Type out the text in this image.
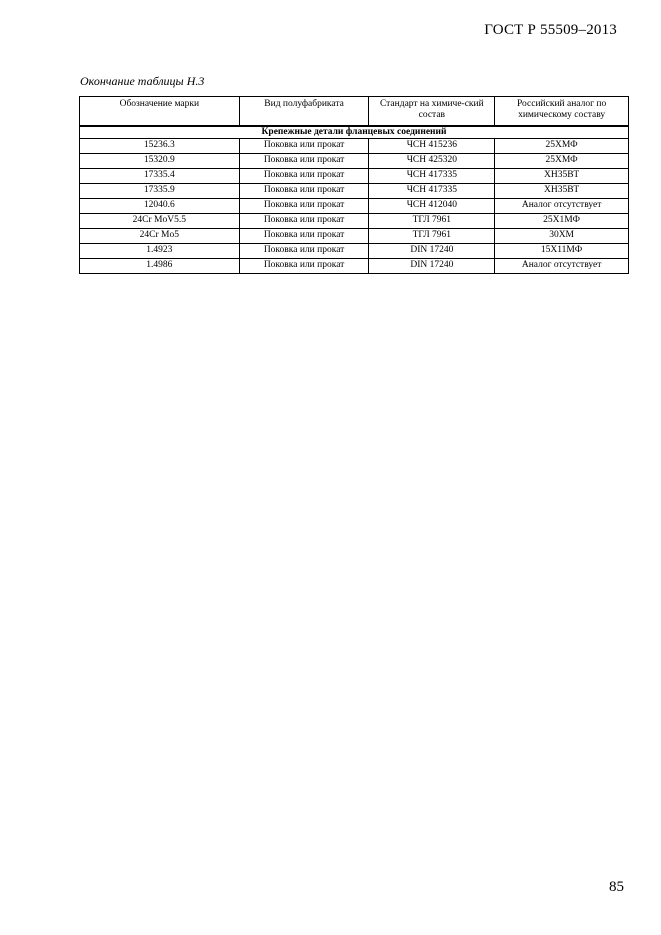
ГОСТ Р 55509–2013
Окончание таблицы Н.3
Обозначение марки	Вид полуфабриката	Стандарт на химиче-ский состав	Российский аналог по химическому составу
Крепежные детали фланцевых соединений			
15236.3	Поковка или прокат	ЧСН 415236	25ХМФ
15320.9	Поковка или прокат	ЧСН 425320	25ХМФ
17335.4	Поковка или прокат	ЧСН 417335	ХН35ВТ
17335.9	Поковка или прокат	ЧСН 417335	ХН35ВТ
12040.6	Поковка или прокат	ЧСН 412040	Аналог отсутствует
24Cr MoV5.5	Поковка или прокат	ТГЛ 7961	25Х1МФ
24Cr Mo5	Поковка или прокат	ТГЛ 7961	30ХМ
1.4923	Поковка или прокат	DIN 17240	15Х11МФ
1.4986	Поковка или прокат	DIN 17240	Аналог отсутствует
85
